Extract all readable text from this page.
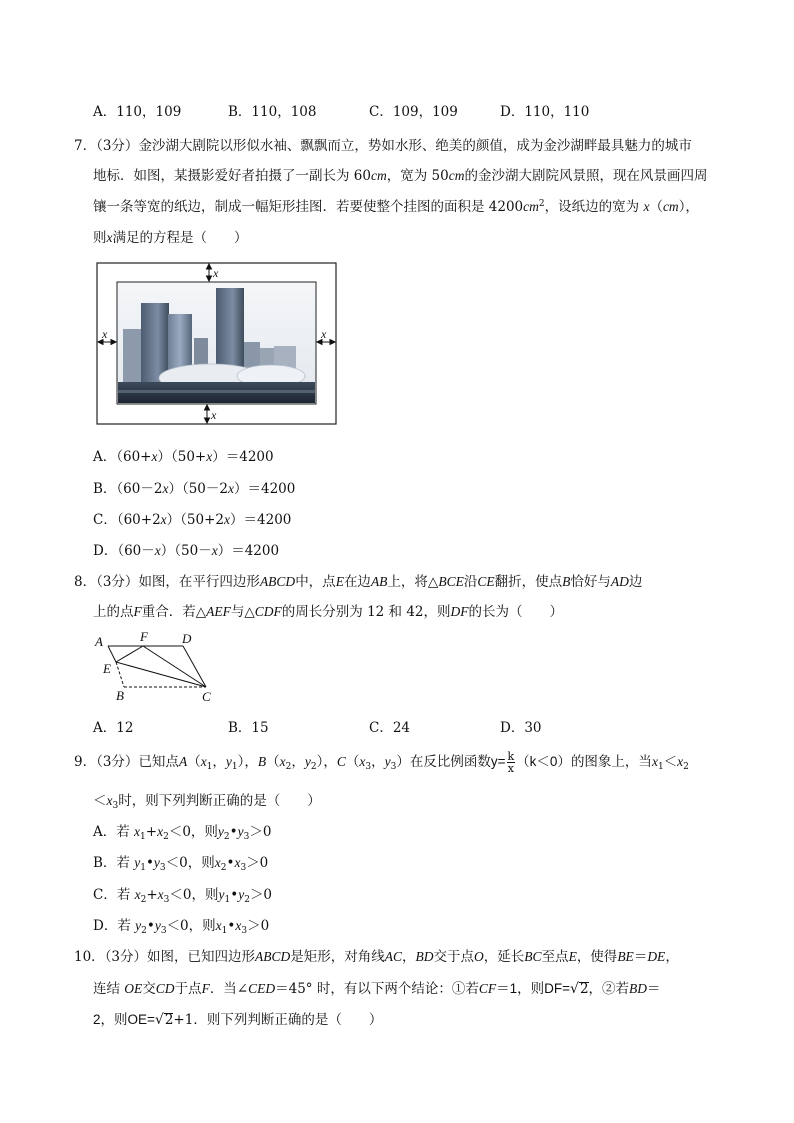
A．110，109	B．110，108	C．109，109	D．110，110
7．（3分）金沙湖大剧院以形似水袖、飘飘而立，势如水形、绝美的颜值，成为金沙湖畔最具魅力的城市
地标．如图，某摄影爱好者拍摄了一副长为 60cm，宽为 50cm的金沙湖大剧院风景照，现在风景画四周
镶一条等宽的纸边，制成一幅矩形挂图．若要使整个挂图的面积是 $4200cm^2$，设纸边的宽为 x（cm），
则x满足的方程是（　　）
x
x
x	x
A．（60+x）（50+x）＝4200
B．（60－2x）（50－2x）＝4200
C．（60+2x）（50+2x）＝4200
D．（60－x）（50－x）＝4200
8．（3分）如图，在平行四边形ABCD中，点E在边AB上，将△BCE沿CE翻折，使点B恰好与AD边
上的点F重合．若△AEF与△CDF的周长分别为 12 和 42，则DF的长为（　　）
A	F	D
E
B	C
A．12	B．15	C．24	D．30
9．（3分）已知点$A(x_1$，$y_1$），$B(x_2$，$y_2$），$C(x_3$，$y_3$）在反比例函数$y= \frac{k}{x} (k<0)$的图象上，当$x_1<x_2$
$<x_3$时，则下列判断正确的是（　　）
A．若 $x_1+x_2<0$，则$y_2•y_3>0$
B．若 $y_1•y_3<0$，则$x_2•x_3>0$
C．若 $x_2+x_3<0$，则$y_1•y_2>0$
D．若 $y_2•y_3<0$，则$x_1•x_3>0$
10．（3分）如图，已知四边形ABCD是矩形，对角线AC，BD交于点O，延长BC至点E，使得BE＝DE，
连结 OE交CD于点F．当∠CED＝45° 时，有以下两个结论：①若CF＝1，则DF=√2，②若BD＝
2，则OE=√2+1．则下列判断正确的是（　　）
